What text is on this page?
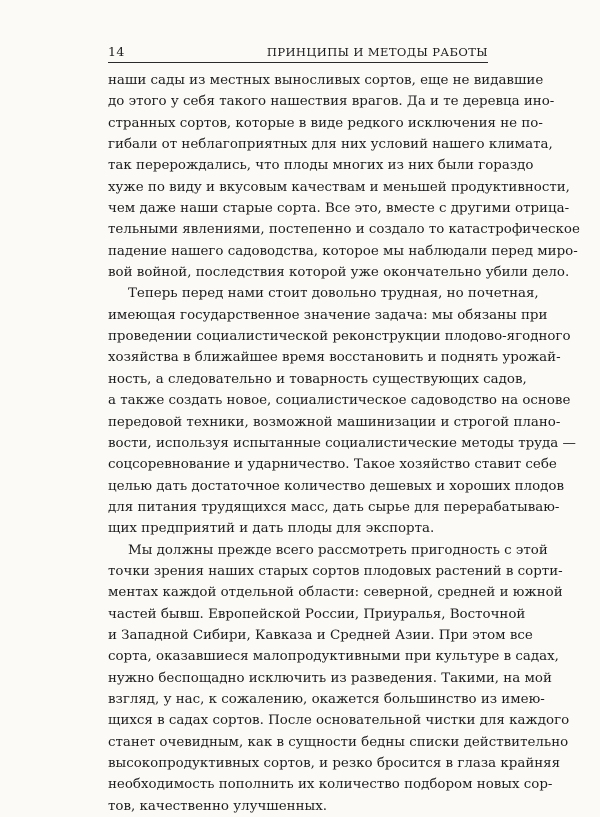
14	ПРИНЦИПЫ И МЕТОДЫ РАБОТЫ

наши сады из местных выносливых сортов, еще не видавшие
до этого у себя такого нашествия врагов. Да и те деревца ино-
странных сортов, которые в виде редкого исключения не по-
гибали от неблагоприятных для них условий нашего климата,
так перерождались, что плоды многих из них были гораздо
хуже по виду и вкусовым качествам и меньшей продуктивности,
чем даже наши старые сорта. Все это, вместе с другими отрица-
тельными явлениями, постепенно и создало то катастрофическое
падение нашего садоводства, которое мы наблюдали перед миро-
вой войной, последствия которой уже окончательно убили дело.

Теперь перед нами стоит довольно трудная, но почетная,
имеющая государственное значение задача: мы обязаны при
проведении социалистической реконструкции плодово-ягодного
хозяйства в ближайшее время восстановить и поднять урожай-
ность, а следовательно и товарность существующих садов,
а также создать новое, социалистическое садоводство на основе
передовой техники, возможной машинизации и строгой плано-
вости, используя испытанные социалистические методы труда —
соцсоревнование и ударничество. Такое хозяйство ставит себе
целью дать достаточное количество дешевых и хороших плодов
для питания трудящихся масс, дать сырье для перерабатываю-
щих предприятий и дать плоды для экспорта.

Мы должны прежде всего рассмотреть пригодность с этой
точки зрения наших старых сортов плодовых растений в сорти-
ментах каждой отдельной области: северной, средней и южной
частей бывш. Европейской России, Приуралья, Восточной
и Западной Сибири, Кавказа и Средней Азии. При этом все
сорта, оказавшиеся малопродуктивными при культуре в садах,
нужно беспощадно исключить из разведения. Такими, на мой
взгляд, у нас, к сожалению, окажется большинство из имею-
щихся в садах сортов. После основательной чистки для каждого
станет очевидным, как в сущности бедны списки действительно
высокопродуктивных сортов, и резко бросится в глаза крайняя
необходимость пополнить их количество подбором новых сор-
тов, качественно улучшенных.
